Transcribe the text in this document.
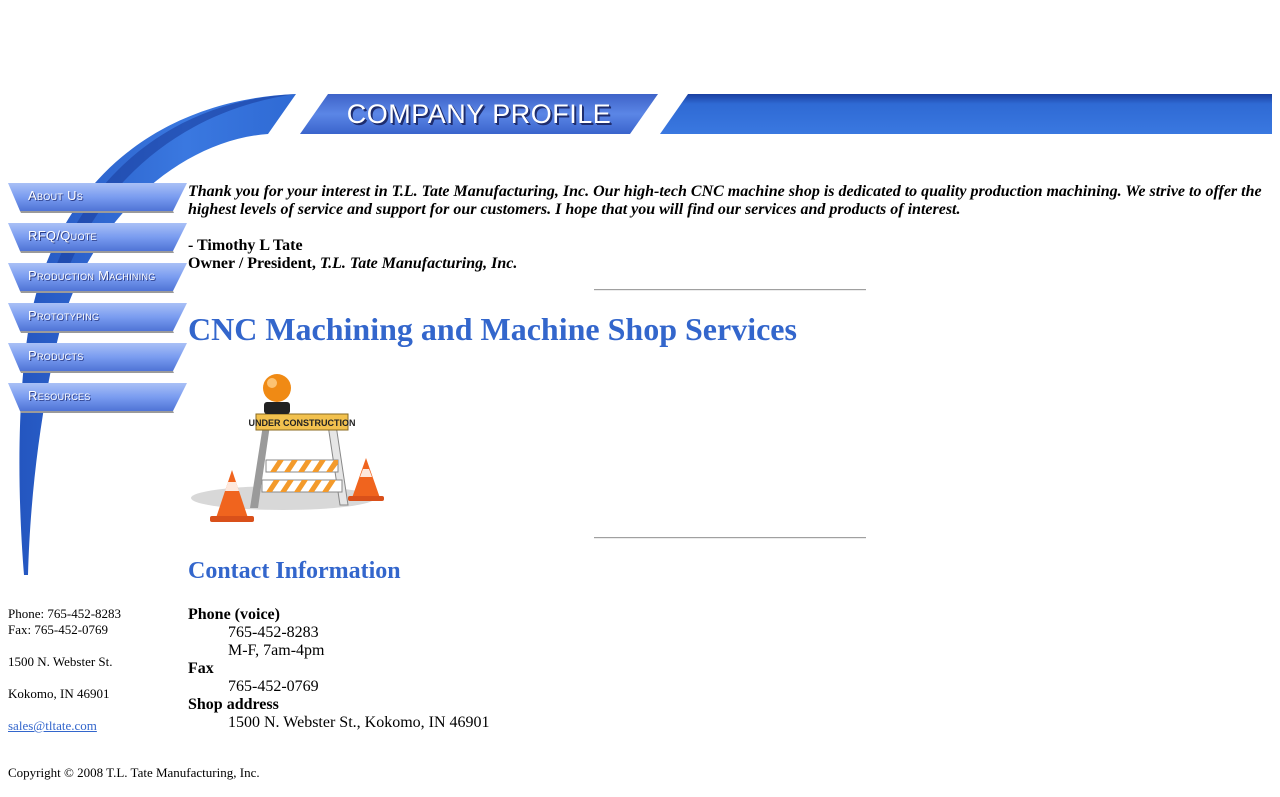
COMPANY PROFILE
About Us
RFQ/Quote
Production Machining
Prototyping
Products
Resources

Thank you for your interest in T.L. Tate Manufacturing, Inc. Our high-tech CNC machine shop is dedicated to quality production machining. We strive to offer the highest levels of service and support for our customers. I hope that you will find our services and products of interest.

- Timothy L Tate
Owner / President, T.L. Tate Manufacturing, Inc.

CNC Machining and Machine Shop Services
UNDER CONSTRUCTION
Contact Information
Phone (voice)
765-452-8283
M-F, 7am-4pm
Fax
765-452-0769
Shop address
1500 N. Webster St., Kokomo, IN 46901

Phone: 765-452-8283

Fax: 765-452-0769

1500 N. Webster St.

Kokomo, IN 46901

sales@tltate.com

Copyright © 2008 T.L. Tate Manufacturing, Inc.
